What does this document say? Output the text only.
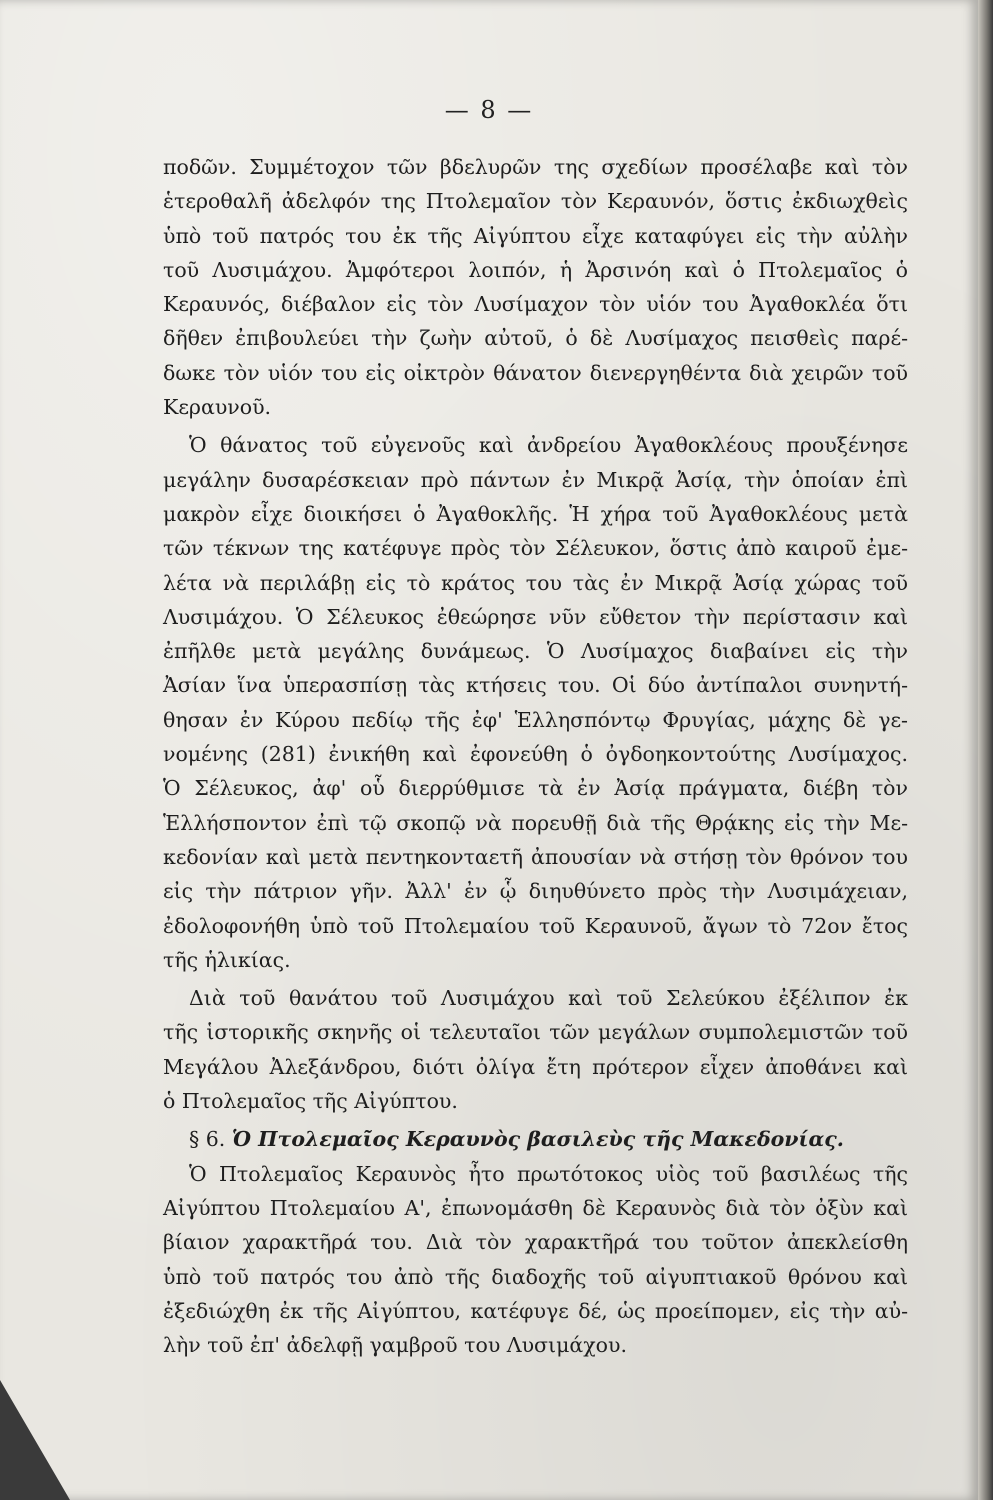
— 8 —
ποδῶν. Συμμέτοχον τῶν βδελυρῶν της σχεδίων προσέλαβε καὶ τὸν
ἑτεροθαλῆ ἀδελφόν της Πτολεμαῖον τὸν Κεραυνόν, ὅστις ἐκδιωχθεὶς
ὑπὸ τοῦ πατρός του ἐκ τῆς Αἰγύπτου εἶχε καταφύγει εἰς τὴν αὐλὴν
τοῦ Λυσιμάχου. Ἀμφότεροι λοιπόν, ἡ Ἀρσινόη καὶ ὁ Πτολεμαῖος ὁ
Κεραυνός, διέβαλον εἰς τὸν Λυσίμαχον τὸν υἱόν του Ἀγαθοκλέα ὅτι
δῆθεν ἐπιβουλεύει τὴν ζωὴν αὐτοῦ, ὁ δὲ Λυσίμαχος πεισθεὶς παρέ-
δωκε τὸν υἱόν του εἰς οἰκτρὸν θάνατον διενεργηθέντα διὰ χειρῶν τοῦ
Κεραυνοῦ.
Ὁ θάνατος τοῦ εὐγενοῦς καὶ ἀνδρείου Ἀγαθοκλέους προυξένησε
μεγάλην δυσαρέσκειαν πρὸ πάντων ἐν Μικρᾷ Ἀσίᾳ, τὴν ὁποίαν ἐπὶ
μακρὸν εἶχε διοικήσει ὁ Ἀγαθοκλῆς. Ἡ χήρα τοῦ Ἀγαθοκλέους μετὰ
τῶν τέκνων της κατέφυγε πρὸς τὸν Σέλευκον, ὅστις ἀπὸ καιροῦ ἐμε-
λέτα νὰ περιλάβῃ εἰς τὸ κράτος του τὰς ἐν Μικρᾷ Ἀσίᾳ χώρας τοῦ
Λυσιμάχου. Ὁ Σέλευκος ἐθεώρησε νῦν εὔθετον τὴν περίστασιν καὶ
ἐπῆλθε μετὰ μεγάλης δυνάμεως. Ὁ Λυσίμαχος διαβαίνει εἰς τὴν
Ἀσίαν ἵνα ὑπερασπίσῃ τὰς κτήσεις του. Οἱ δύο ἀντίπαλοι συνηντή-
θησαν ἐν Κύρου πεδίῳ τῆς ἐφ' Ἑλλησπόντῳ Φρυγίας, μάχης δὲ γε-
νομένης (281) ἐνικήθη καὶ ἐφονεύθη ὁ ὀγδοηκοντούτης Λυσίμαχος.
Ὁ Σέλευκος, ἀφ' οὗ διερρύθμισε τὰ ἐν Ἀσίᾳ πράγματα, διέβη τὸν
Ἑλλήσποντον ἐπὶ τῷ σκοπῷ νὰ πορευθῇ διὰ τῆς Θρᾴκης εἰς τὴν Με-
κεδονίαν καὶ μετὰ πεντηκονταετῆ ἀπουσίαν νὰ στήσῃ τὸν θρόνον του
εἰς τὴν πάτριον γῆν. Ἀλλ' ἐν ᾧ διηυθύνετο πρὸς τὴν Λυσιμάχειαν,
ἐδολοφονήθη ὑπὸ τοῦ Πτολεμαίου τοῦ Κεραυνοῦ, ἄγων τὸ 72ον ἔτος
τῆς ἡλικίας.
Διὰ τοῦ θανάτου τοῦ Λυσιμάχου καὶ τοῦ Σελεύκου ἐξέλιπον ἐκ
τῆς ἱστορικῆς σκηνῆς οἱ τελευταῖοι τῶν μεγάλων συμπολεμιστῶν τοῦ
Μεγάλου Ἀλεξάνδρου, διότι ὀλίγα ἔτη πρότερον εἶχεν ἀποθάνει καὶ
ὁ Πτολεμαῖος τῆς Αἰγύπτου.
§ 6. Ὁ Πτολεμαῖος Κεραυνὸς βασιλεὺς τῆς Μακεδονίας.
Ὁ Πτολεμαῖος Κεραυνὸς ἦτο πρωτότοκος υἱὸς τοῦ βασιλέως τῆς
Αἰγύπτου Πτολεμαίου Α', ἐπωνομάσθη δὲ Κεραυνὸς διὰ τὸν ὀξὺν καὶ
βίαιον χαρακτῆρά του. Διὰ τὸν χαρακτῆρά του τοῦτον ἀπεκλείσθη
ὑπὸ τοῦ πατρός του ἀπὸ τῆς διαδοχῆς τοῦ αἰγυπτιακοῦ θρόνου καὶ
ἐξεδιώχθη ἐκ τῆς Αἰγύπτου, κατέφυγε δέ, ὡς προείπομεν, εἰς τὴν αὐ-
λὴν τοῦ ἐπ' ἀδελφῇ γαμβροῦ του Λυσιμάχου.
